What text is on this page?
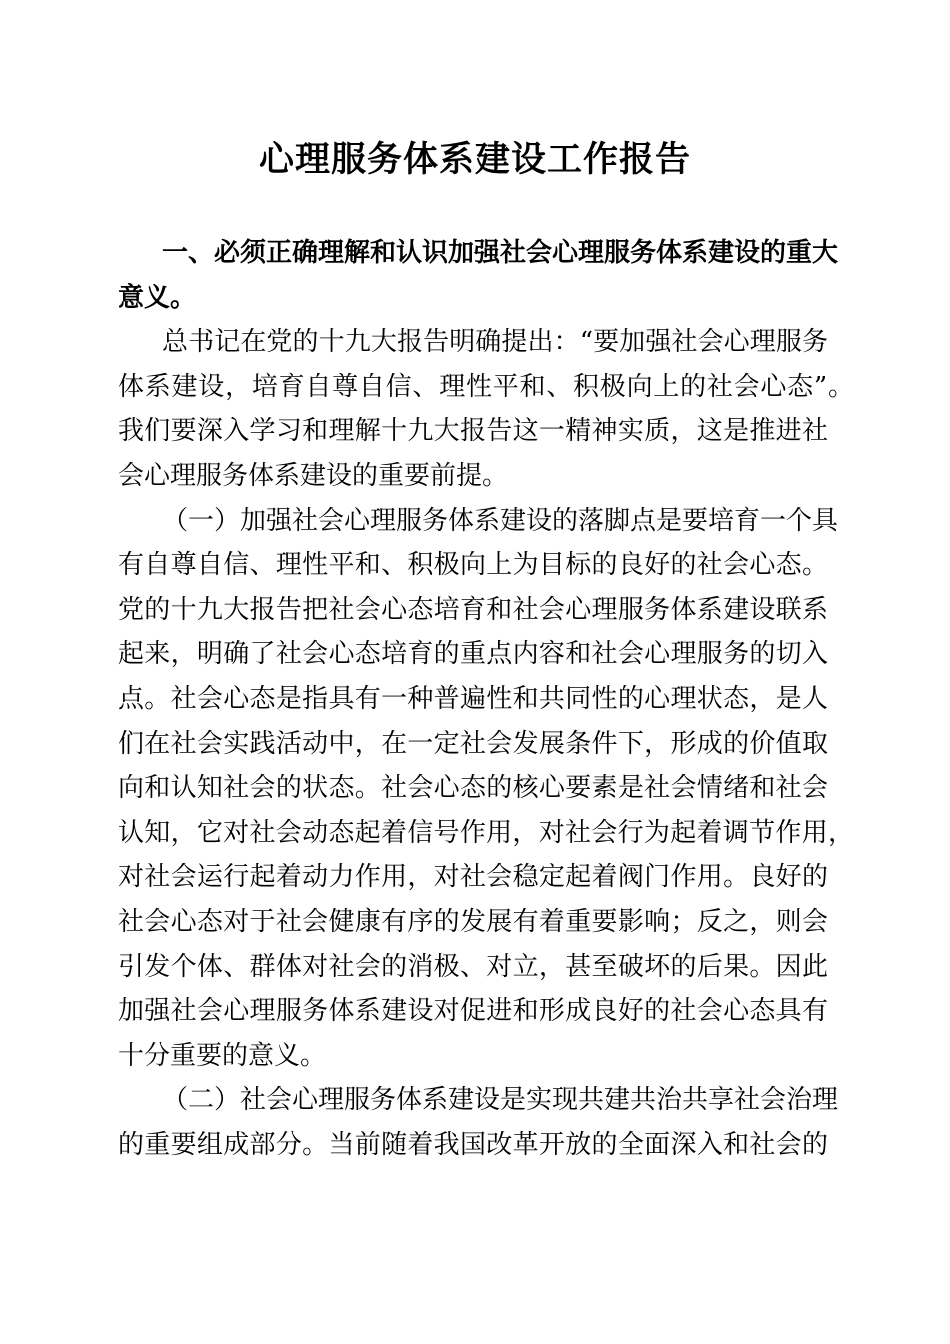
心理服务体系建设工作报告
一、必须正确理解和认识加强社会心理服务体系建设的重大
意义。
总书记在党的十九大报告明确提出：“要加强社会心理服务
体系建设，培育自尊自信、理性平和、积极向上的社会心态”。
我们要深入学习和理解十九大报告这一精神实质，这是推进社
会心理服务体系建设的重要前提。
（一）加强社会心理服务体系建设的落脚点是要培育一个具
有自尊自信、理性平和、积极向上为目标的良好的社会心态。
党的十九大报告把社会心态培育和社会心理服务体系建设联系
起来，明确了社会心态培育的重点内容和社会心理服务的切入
点。社会心态是指具有一种普遍性和共同性的心理状态，是人
们在社会实践活动中，在一定社会发展条件下，形成的价值取
向和认知社会的状态。社会心态的核心要素是社会情绪和社会
认知，它对社会动态起着信号作用，对社会行为起着调节作用，
对社会运行起着动力作用，对社会稳定起着阀门作用。良好的
社会心态对于社会健康有序的发展有着重要影响；反之，则会
引发个体、群体对社会的消极、对立，甚至破坏的后果。因此
加强社会心理服务体系建设对促进和形成良好的社会心态具有
十分重要的意义。
（二）社会心理服务体系建设是实现共建共治共享社会治理
的重要组成部分。当前随着我国改革开放的全面深入和社会的
